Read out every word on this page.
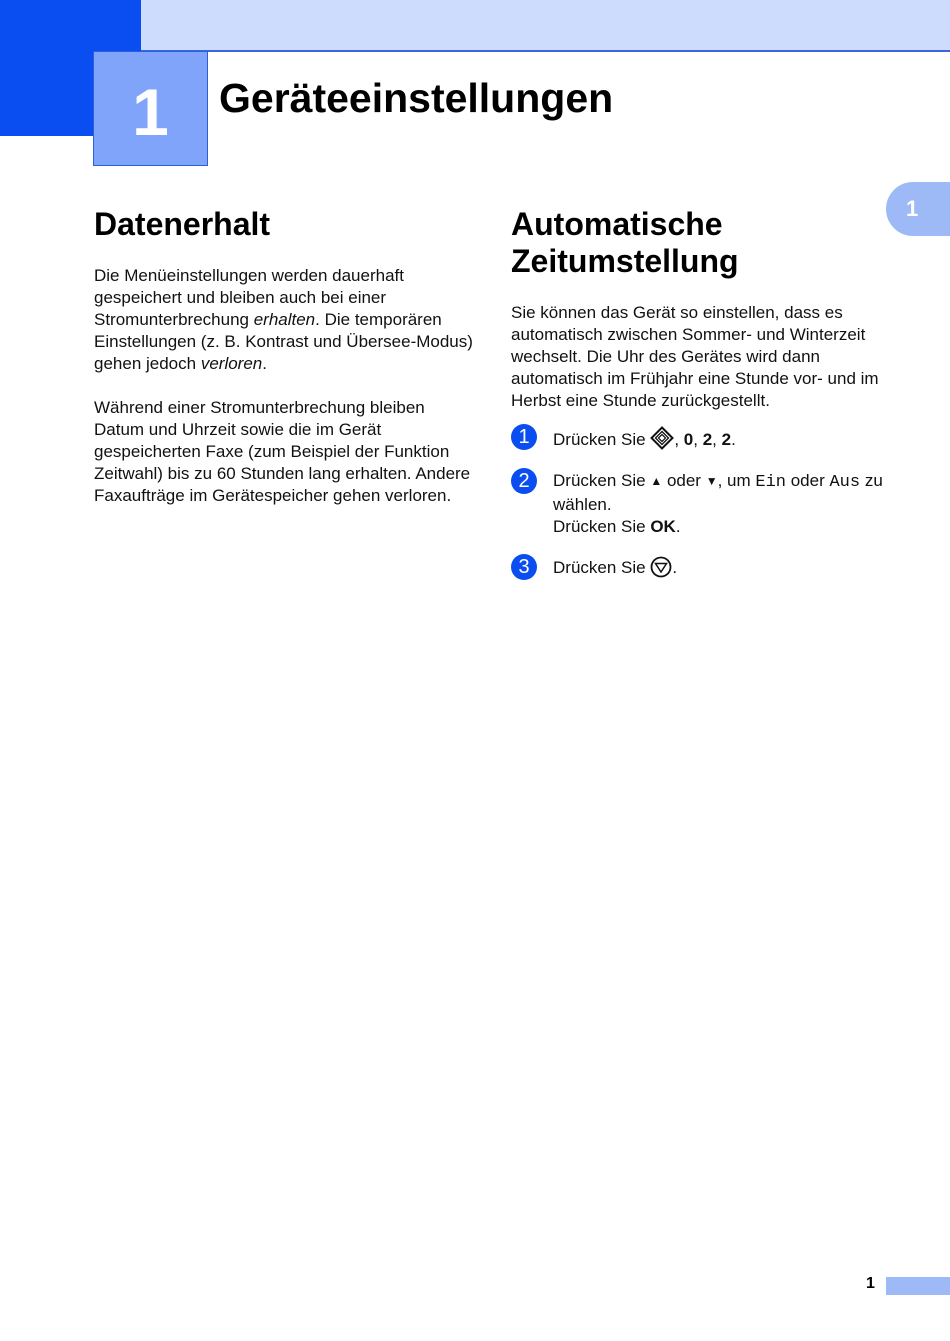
1	Geräteeinstellungen
1
Datenerhalt

Die Menüeinstellungen werden dauerhaft gespeichert und bleiben auch bei einer Stromunterbrechung erhalten. Die temporären Einstellungen (z. B. Kontrast und Übersee-Modus) gehen jedoch verloren.

Während einer Stromunterbrechung bleiben Datum und Uhrzeit sowie die im Gerät gespeicherten Faxe (zum Beispiel der Funktion Zeitwahl) bis zu 60 Stunden lang erhalten. Andere Faxaufträge im Gerätespeicher gehen verloren.

Automatische
Zeitumstellung

Sie können das Gerät so einstellen, dass es automatisch zwischen Sommer- und Winterzeit wechselt. Die Uhr des Gerätes wird dann automatisch im Frühjahr eine Stunde vor- und im Herbst eine Stunde zurückgestellt.

1	Drücken Sie , 0, 2, 2.

2	Drücken Sie ▲ oder ▼, um Ein oder Aus zu wählen.
Drücken Sie OK.

3	Drücken Sie .

1
